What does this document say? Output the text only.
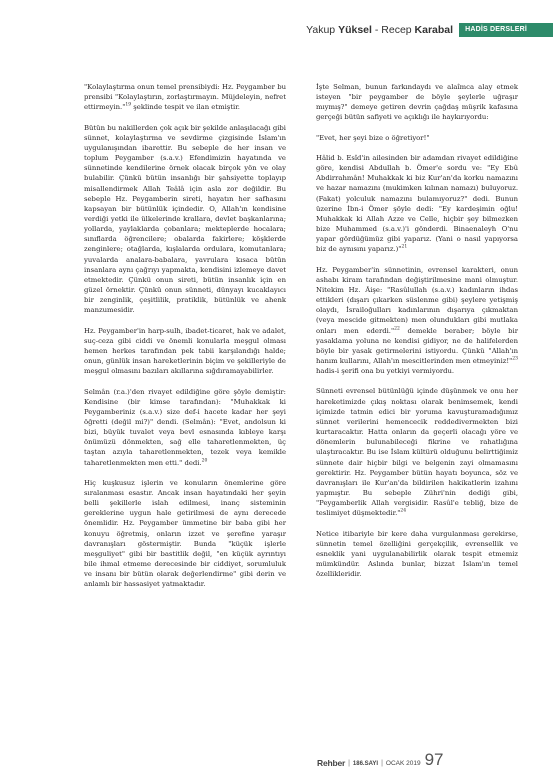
Yakup Yüksel - Recep Karabal	HADİS DERSLERİ

"Kolaylaştırma onun temel prensibiydi: Hz. Peygamber bu prensibi "Kolaylaştırın, zorlaştırmayın. Müjdeleyin, nefret ettirmeyin."$^{19}$ şeklinde tespit ve ilan etmiştir.

Bütün bu nakillerden çok açık bir şekilde anlaşılacağı gibi sünnet, kolaylaştırma ve sevdirme çizgisinde İslam'ın uygulanışından ibarettir. Bu sebeple de her insan ve toplum Peygamber (s.a.v.) Efendimizin hayatında ve sünnetinde kendilerine örnek olacak birçok yön ve olay bulabilir. Çünkü bütün insanlığı bir şahsiyette toplayıp misallendirmek Allah Teâlâ için asla zor değildir. Bu sebeple Hz. Peygamberin sireti, hayatın her safhasını kapsayan bir bütünlük içindedir. O, Allah'ın kendisine verdiği yetki ile ülkelerinde krallara, devlet başkanlarına; yollarda, yaylaklarda çobanlara; mekteplerde hocalara; sınıflarda öğrencilere; obalarda fakirlere; köşklerde zenginlere; otağlarda, kışlalarda ordulara, komutanlara; yuvalarda analara-babalara, yavrulara kısaca bütün insanlara aynı çağrıyı yapmakta, kendisini izlemeye davet etmektedir. Çünkü onun sireti, bütün insanlık için en güzel örnektir. Çünkü onun sünneti, dünyayı kucaklayıcı bir zenginlik, çeşitlilik, pratiklik, bütünlük ve ahenk manzumesidir.

Hz. Peygamber'in harp-sulh, ibadet-ticaret, hak ve adalet, suç-ceza gibi ciddi ve önemli konularla meşgul olması hemen herkes tarafından pek tabii karşılandığı halde; onun, günlük insan hareketlerinin biçim ve şekilleriyle de meşgul olmasını bazıları akıllarına sığdıramayabilirler.

Selmân (r.a.)'den rivayet edildiğine göre şöyle demiştir: Kendisine (bir kimse tarafından): "Muhakkak ki Peygamberiniz (s.a.v.) size def-i hacete kadar her şeyi öğretti (değil mi?)" dendi. (Selmân): "Evet, andolsun ki bizi, büyük tuvalet veya bevl esnasında kıbleye karşı önümüzü dönmekten, sağ elle taharetlenmekten, üç taştan azıyla taharetlenmekten, tezek veya kemikle taharetlenmekten men etti." dedi.$^{20}$

Hiç kuşkusuz işlerin ve konuların önemlerine göre sıralanması esastır. Ancak insan hayatındaki her şeyin belli şekillerle islah edilmesi, inanç sisteminin gereklerine uygun hale getirilmesi de aynı derecede önemlidir. Hz. Peygamber ümmetine bir baba gibi her konuyu öğretmiş, onların izzet ve şerefine yaraşır davranışları göstermiştir. Bunda "küçük işlerle meşguliyet" gibi bir bastitlik değil, "en küçük ayrıntıyı bile ihmal etmeme derecesinde bir ciddiyet, sorumluluk ve insanı bir bütün olarak değerlendirme" gibi derin ve anlamlı bir hassasiyet yatmaktadır.

İşte Selman, bunun farkındaydı ve alaîmca alay etmek isteyen "bir peygamber de böyle şeylerle uğraşır mıymış?" demeye getiren devrin çağdaş müşrik kafasına gerçeği bütün safiyeti ve açıklığı ile haykırıyordu:

"Evet, her şeyi bize o öğretiyor!"

Hâlid b. Esîd'in ailesinden bir adamdan rivayet edildiğine göre, kendisi Abdullah b. Ömer'e sordu ve: "Ey Ebû Abdirrahmân! Muhakkak ki biz Kur'an'da korku namazını ve hazar namazını (mukimken kılınan namazı) buluyoruz. (Fakat) yolculuk namazını bulamıyoruz?" dedi. Bunun üzerine İbn-i Ömer şöyle dedi: "Ey kardeşimin oğlu! Muhakkak ki Allah Azze ve Celle, hiçbir şey bilmezken bize Muhammed (s.a.v.)'i gönderdi. Binaenaleyh O'nu yapar gördüğümüz gibi yaparız. (Yani o nasıl yapıyorsa biz de aynısını yaparız.)"$^{21}$

Hz. Peygamber'in sünnetinin, evrensel karakteri, onun ashabı kiram tarafından değiştirilmesine mani olmuştur. Nitekim Hz. Âişe: "Rasûlullah (s.a.v.) kadınların ihdas ettikleri (dışarı çıkarken süslenme gibi) şeylere yetişmiş olaydı, İsrailoğulları kadınlarının dışarıya çıkmaktan (veya mescide gitmekten) men olundukları gibi mutlaka onları men ederdi."$^{22}$ demekle beraber; böyle bir yasaklama yoluna ne kendisi gidiyor, ne de halifelerden böyle bir yasak getirmelerini istiyordu. Çünkü "Allah'ın hanım kullarını, Allah'ın mescitlerinden men etmeyiniz!"$^{23}$ hadis-i şerifi ona bu yetkiyi vermiyordu.

Sünneti evrensel bütünlüğü içinde düşünmek ve onu her hareketimizde çıkış noktası olarak benimsemek, kendi içimizde tatmin edici bir yoruma kavuşturamadığımız sünnet verilerini hemencecik reddedivermekten bizi kurtaracaktır. Hatta onların da geçerli olacağı yöre ve dönemlerin bulunabileceği fikrine ve rahatlığına ulaştıracaktır. Bu ise İslam kültürü olduğunu belirttiğimiz sünnete dair hiçbir bilgi ve belgenin zayi olmamasını gerektirir. Hz. Peygamber bütün hayatı boyunca, söz ve davranışları ile Kur'an'da bildirilen hakikatlerin izahını yapmıştır. Bu sebeple Zühri'nin dediği gibi, "Peygamberlik Allah vergisidir. Rasûl'e tebliğ, bize de teslimiyet düşmektedir."$^{24}$

Netice itibariyle bir kere daha vurgulanması gerekirse, sünnetin temel özelliğini gerçekçilik, evrensellik ve esneklik yani uygulanabilirlik olarak tespit etmemiz mümkündür. Aslında bunlar, bizzat İslam'ın temel özellikleridir.

Rehber | 186.SAYI | OCAK 2019 97
